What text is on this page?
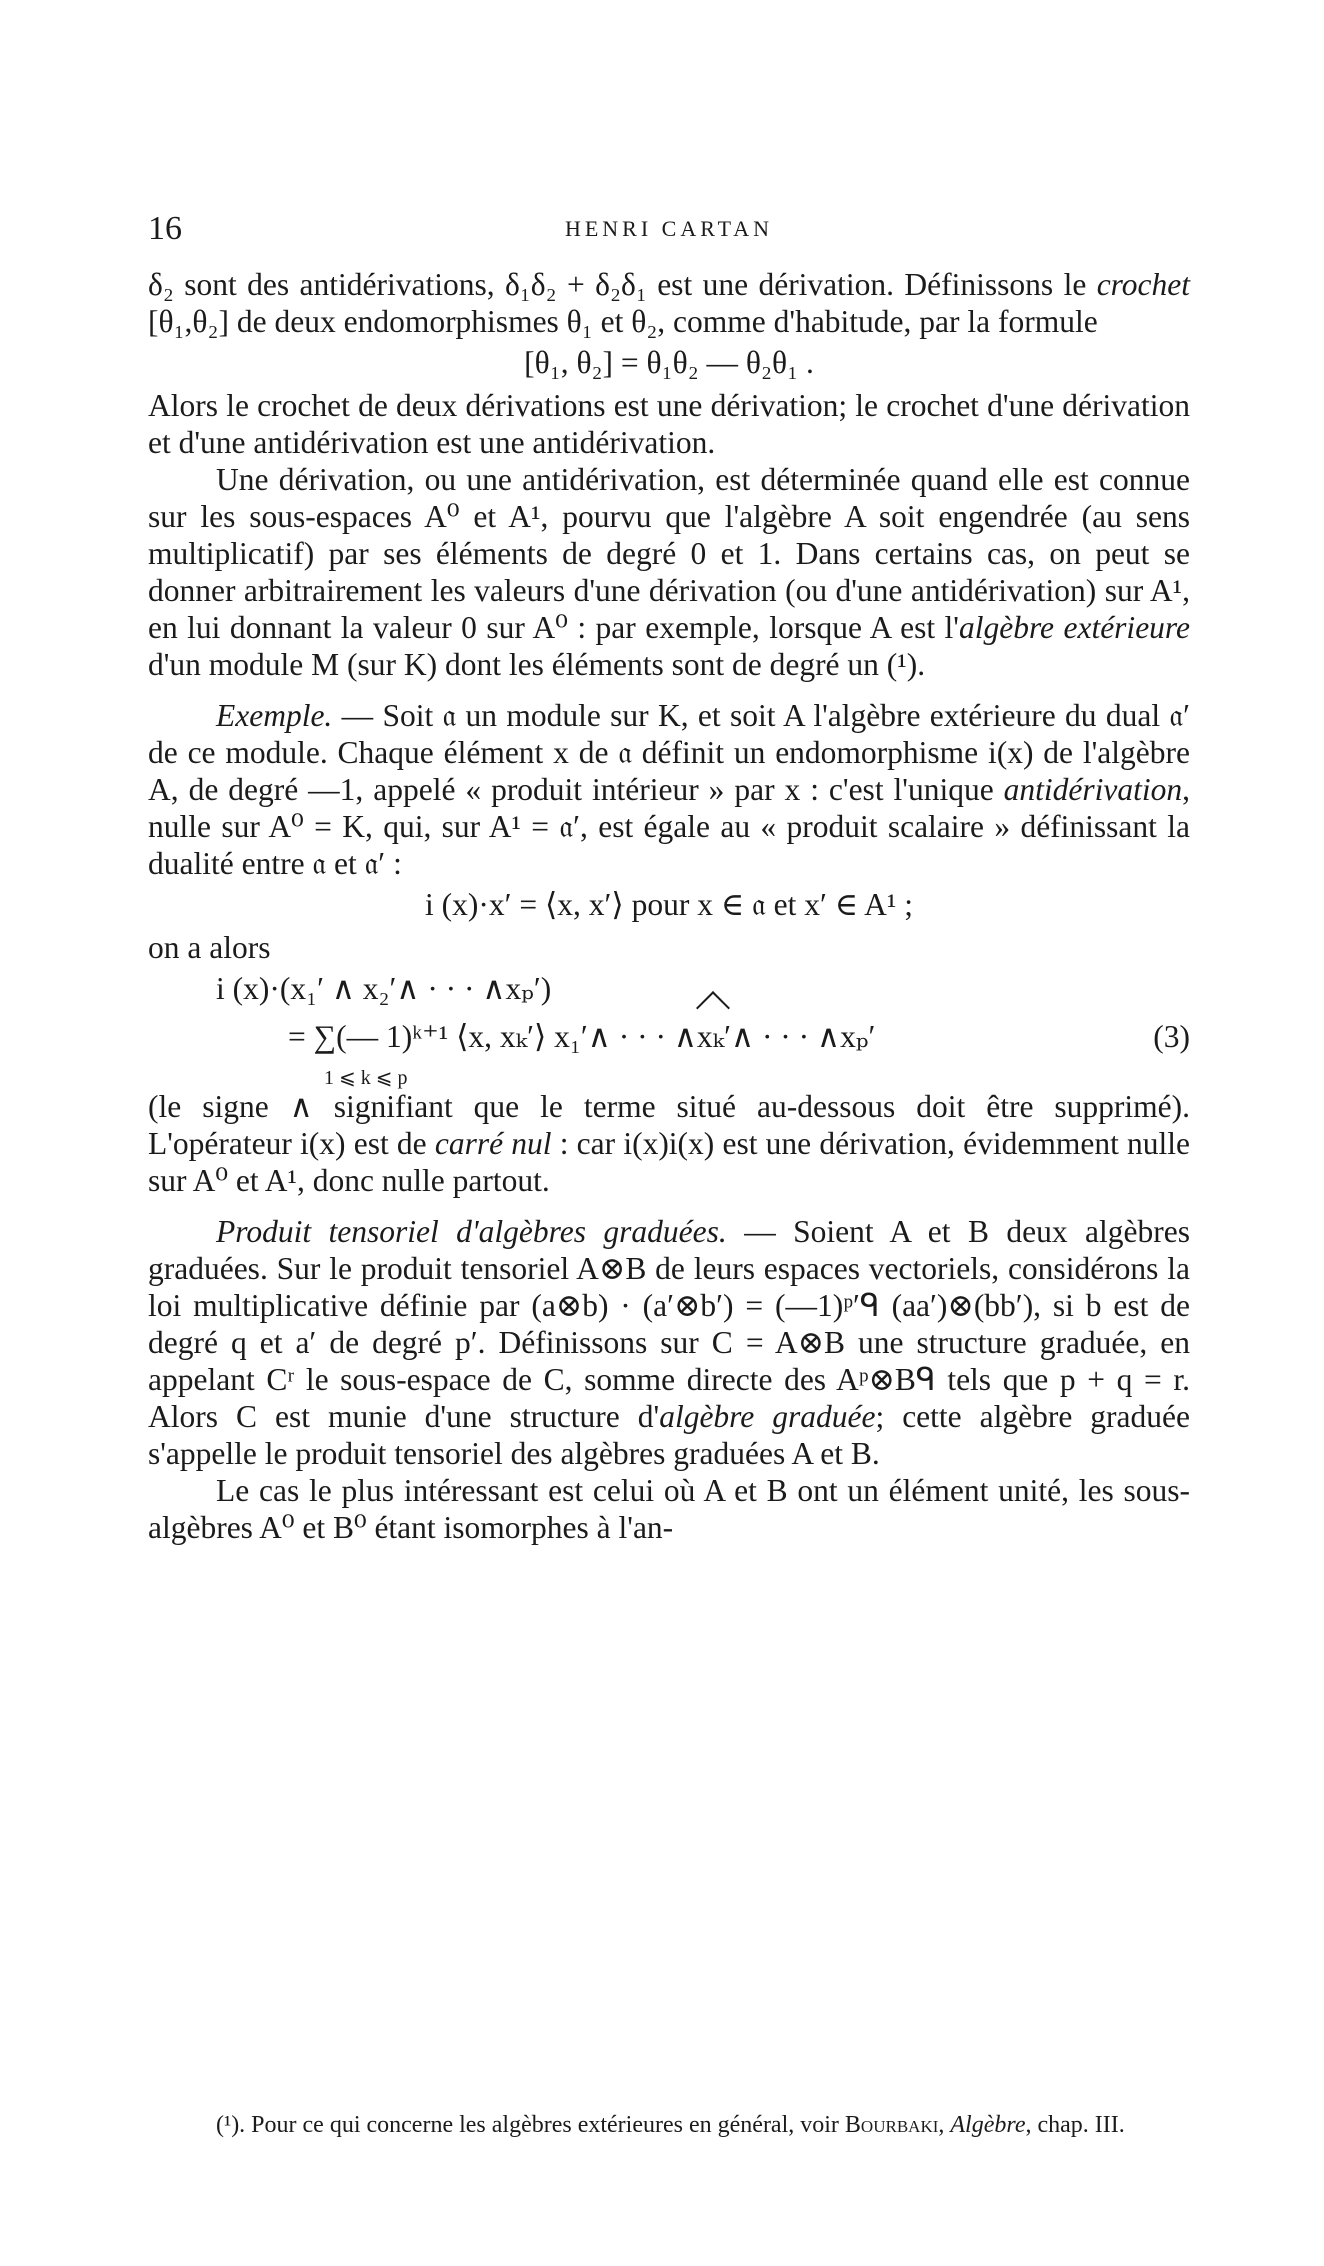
16	HENRI CARTAN

δ₂ sont des antidérivations, δ₁δ₂ + δ₂δ₁ est une dérivation. Définissons le crochet [θ₁,θ₂] de deux endomorphismes θ₁ et θ₂, comme d'habitude, par la formule

[θ₁, θ₂] = θ₁θ₂ — θ₂θ₁ .

Alors le crochet de deux dérivations est une dérivation; le crochet d'une dérivation et d'une antidérivation est une antidérivation.

Une dérivation, ou une antidérivation, est déterminée quand elle est connue sur les sous-espaces A⁰ et A¹, pourvu que l'algèbre A soit engendrée (au sens multiplicatif) par ses éléments de degré 0 et 1. Dans certains cas, on peut se donner arbitrairement les valeurs d'une dérivation (ou d'une antidérivation) sur A¹, en lui donnant la valeur 0 sur A⁰ : par exemple, lorsque A est l'algèbre extérieure d'un module M (sur K) dont les éléments sont de degré un (¹).

Exemple. — Soit 𝔞 un module sur K, et soit A l'algèbre extérieure du dual 𝔞′ de ce module. Chaque élément x de 𝔞 définit un endomorphisme i(x) de l'algèbre A, de degré —1, appelé « produit intérieur » par x : c'est l'unique antidérivation, nulle sur A⁰ = K, qui, sur A¹ = 𝔞′, est égale au « produit scalaire » définissant la dualité entre 𝔞 et 𝔞′ :

i (x)·x′ = ⟨x, x′⟩ pour x ∈ 𝔞 et x′ ∈ A¹ ;

on a alors

i (x)·(x₁′ ∧ x₂′∧ · · · ∧xₚ′)
= ∑(— 1)ᵏ⁺¹ ⟨x, xₖ′⟩ x₁′∧ · · · ∧xₖ′∧ · · · ∧xₚ′
1 ⩽ k ⩽ p
(3)

(le signe ∧ signifiant que le terme situé au-dessous doit être supprimé). L'opérateur i(x) est de carré nul : car i(x)i(x) est une dérivation, évidemment nulle sur A⁰ et A¹, donc nulle partout.

Produit tensoriel d'algèbres graduées. — Soient A et B deux algèbres graduées. Sur le produit tensoriel A⊗B de leurs espaces vectoriels, considérons la loi multiplicative définie par (a⊗b) · (a′⊗b′) = (—1)ᵖ′ᑫ (aa′)⊗(bb′), si b est de degré q et a′ de degré p′. Définissons sur C = A⊗B une structure graduée, en appelant Cʳ le sous-espace de C, somme directe des Aᵖ⊗Bᑫ tels que p + q = r. Alors C est munie d'une structure d'algèbre graduée; cette algèbre graduée s'appelle le produit tensoriel des algèbres graduées A et B.

Le cas le plus intéressant est celui où A et B ont un élément unité, les sous-algèbres A⁰ et B⁰ étant isomorphes à l'an-

(¹). Pour ce qui concerne les algèbres extérieures en général, voir Bourbaki, Algèbre, chap. III.
